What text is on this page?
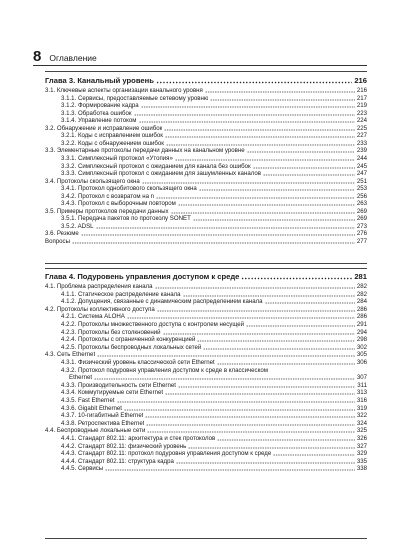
8 Оглавление
Глава 3. Канальный уровень	216
3.1. Ключевые аспекты организации канального уровня	216
3.1.1. Сервисы, предоставляемые сетевому уровню	217
3.1.2. Формирование кадра	219
3.1.3. Обработка ошибок	223
3.1.4. Управление потоком	224
3.2. Обнаружение и исправление ошибок	225
3.2.1. Коды с исправлением ошибок	227
3.2.2. Коды с обнаружением ошибок	233
3.3. Элементарные протоколы передачи данных на канальном уровне	239
3.3.1. Симплексный протокол «Утопия»	244
3.3.2. Симплексный протокол с ожиданием для канала без ошибок	245
3.3.3. Симплексный протокол с ожиданием для зашумленных каналов	247
3.4. Протоколы скользящего окна	251
3.4.1. Протокол однобитового скользящего окна	253
3.4.2. Протокол с возвратом на n	256
3.4.3. Протокол с выборочным повтором	263
3.5. Примеры протоколов передачи данных	269
3.5.1. Передача пакетов по протоколу SONET	269
3.5.2. ADSL	273
3.6. Резюме	276
Вопросы	277
Глава 4. Подуровень управления доступом к среде	281
4.1. Проблема распределения канала	282
4.1.1. Статическое распределение канала	282
4.1.2. Допущения, связанные с динамическим распределением канала	284
4.2. Протоколы коллективного доступа	286
4.2.1. Система ALOHA	286
4.2.2. Протоколы множественного доступа с контролем несущей	291
4.2.3. Протоколы без столкновений	294
4.2.4. Протоколы с ограниченной конкуренцией	298
4.2.5. Протоколы беспроводных локальных сетей	302
4.3. Сеть Ethernet	305
4.3.1. Физический уровень классической сети Ethernet	306
4.3.2. Протокол подуровня управления доступом к среде в классическом
Ethernet	307
4.3.3. Производительность сети Ethernet	311
4.3.4. Коммутируемые сети Ethernet	313
4.3.5. Fast Ethernet	316
4.3.6. Gigabit Ethernet	319
4.3.7. 10-гигабитный Ethernet	322
4.3.8. Ретроспектива Ethernet	324
4.4. Беспроводные локальные сети	325
4.4.1. Стандарт 802.11: архитектура и стек протоколов	326
4.4.2. Стандарт 802.11: физический уровень	327
4.4.3. Стандарт 802.11: протокол подуровня управления доступом к среде	329
4.4.4. Стандарт 802.11: структура кадра	335
4.4.5. Сервисы	338
